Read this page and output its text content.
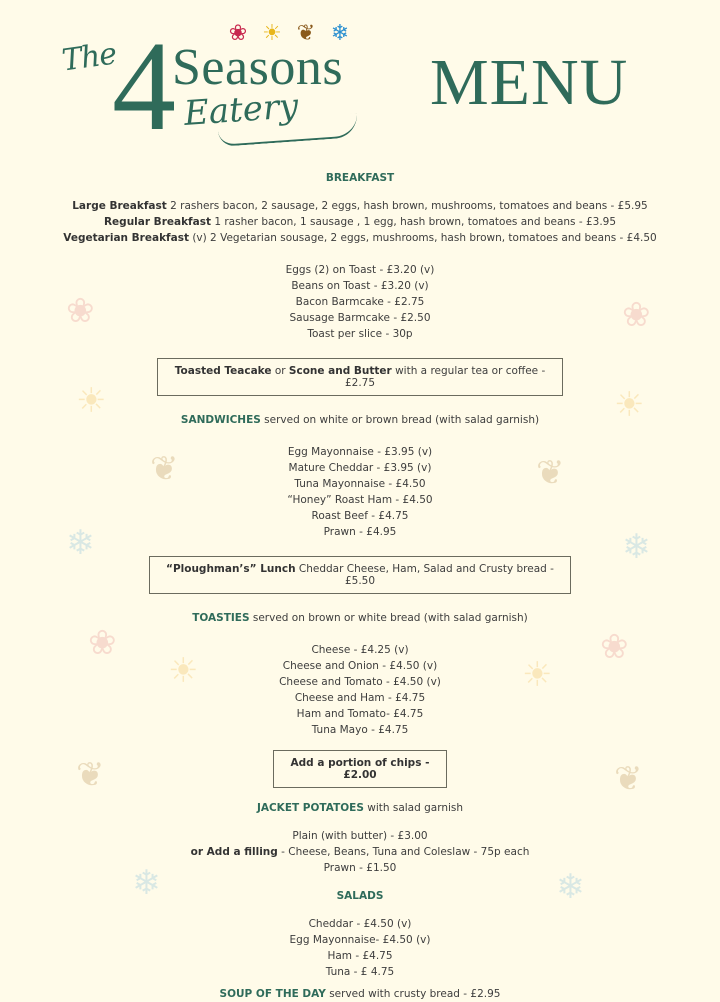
❀	❀
☀	☀
❦	❦
❄	❄
❀	❀
☀	☀
❦	❦
❄	❄
❀ ☀ ❦ ❄
The
4
Seasons
Eatery MENU

BREAKFAST

Large Breakfast 2 rashers bacon, 2 sausage, 2 eggs, hash brown, mushrooms, tomatoes and beans - £5.95

Regular Breakfast 1 rasher bacon, 1 sausage , 1 egg, hash brown, tomatoes and beans - £3.95

Vegetarian Breakfast (v) 2 Vegetarian sousage, 2 eggs, mushrooms, hash brown, tomatoes and beans - £4.50

Eggs (2) on Toast - £3.20 (v)

Beans on Toast - £3.20 (v)

Bacon Barmcake - £2.75

Sausage Barmcake - £2.50

Toast per slice - 30p

Toasted Teacake or Scone and Butter with a regular tea or coffee - £2.75

SANDWICHES served on white or brown bread (with salad garnish)

Egg Mayonnaise - £3.95 (v)

Mature Cheddar - £3.95 (v)

Tuna Mayonnaise - £4.50

“Honey” Roast Ham - £4.50

Roast Beef - £4.75

Prawn - £4.95

“Ploughman’s” Lunch Cheddar Cheese, Ham, Salad and Crusty bread - £5.50

TOASTIES served on brown or white bread (with salad garnish)

Cheese - £4.25 (v)

Cheese and Onion - £4.50 (v)

Cheese and Tomato - £4.50 (v)

Cheese and Ham - £4.75

Ham and Tomato- £4.75

Tuna Mayo - £4.75

Add a portion of chips - £2.00

JACKET POTATOES with salad garnish

Plain (with butter) - £3.00

or Add a filling - Cheese, Beans, Tuna and Coleslaw - 75p each

Prawn - £1.50

SALADS

Cheddar - £4.50 (v)

Egg Mayonnaise- £4.50 (v)

Ham - £4.75

Tuna - £ 4.75

SOUP OF THE DAY served with crusty bread - £2.95
